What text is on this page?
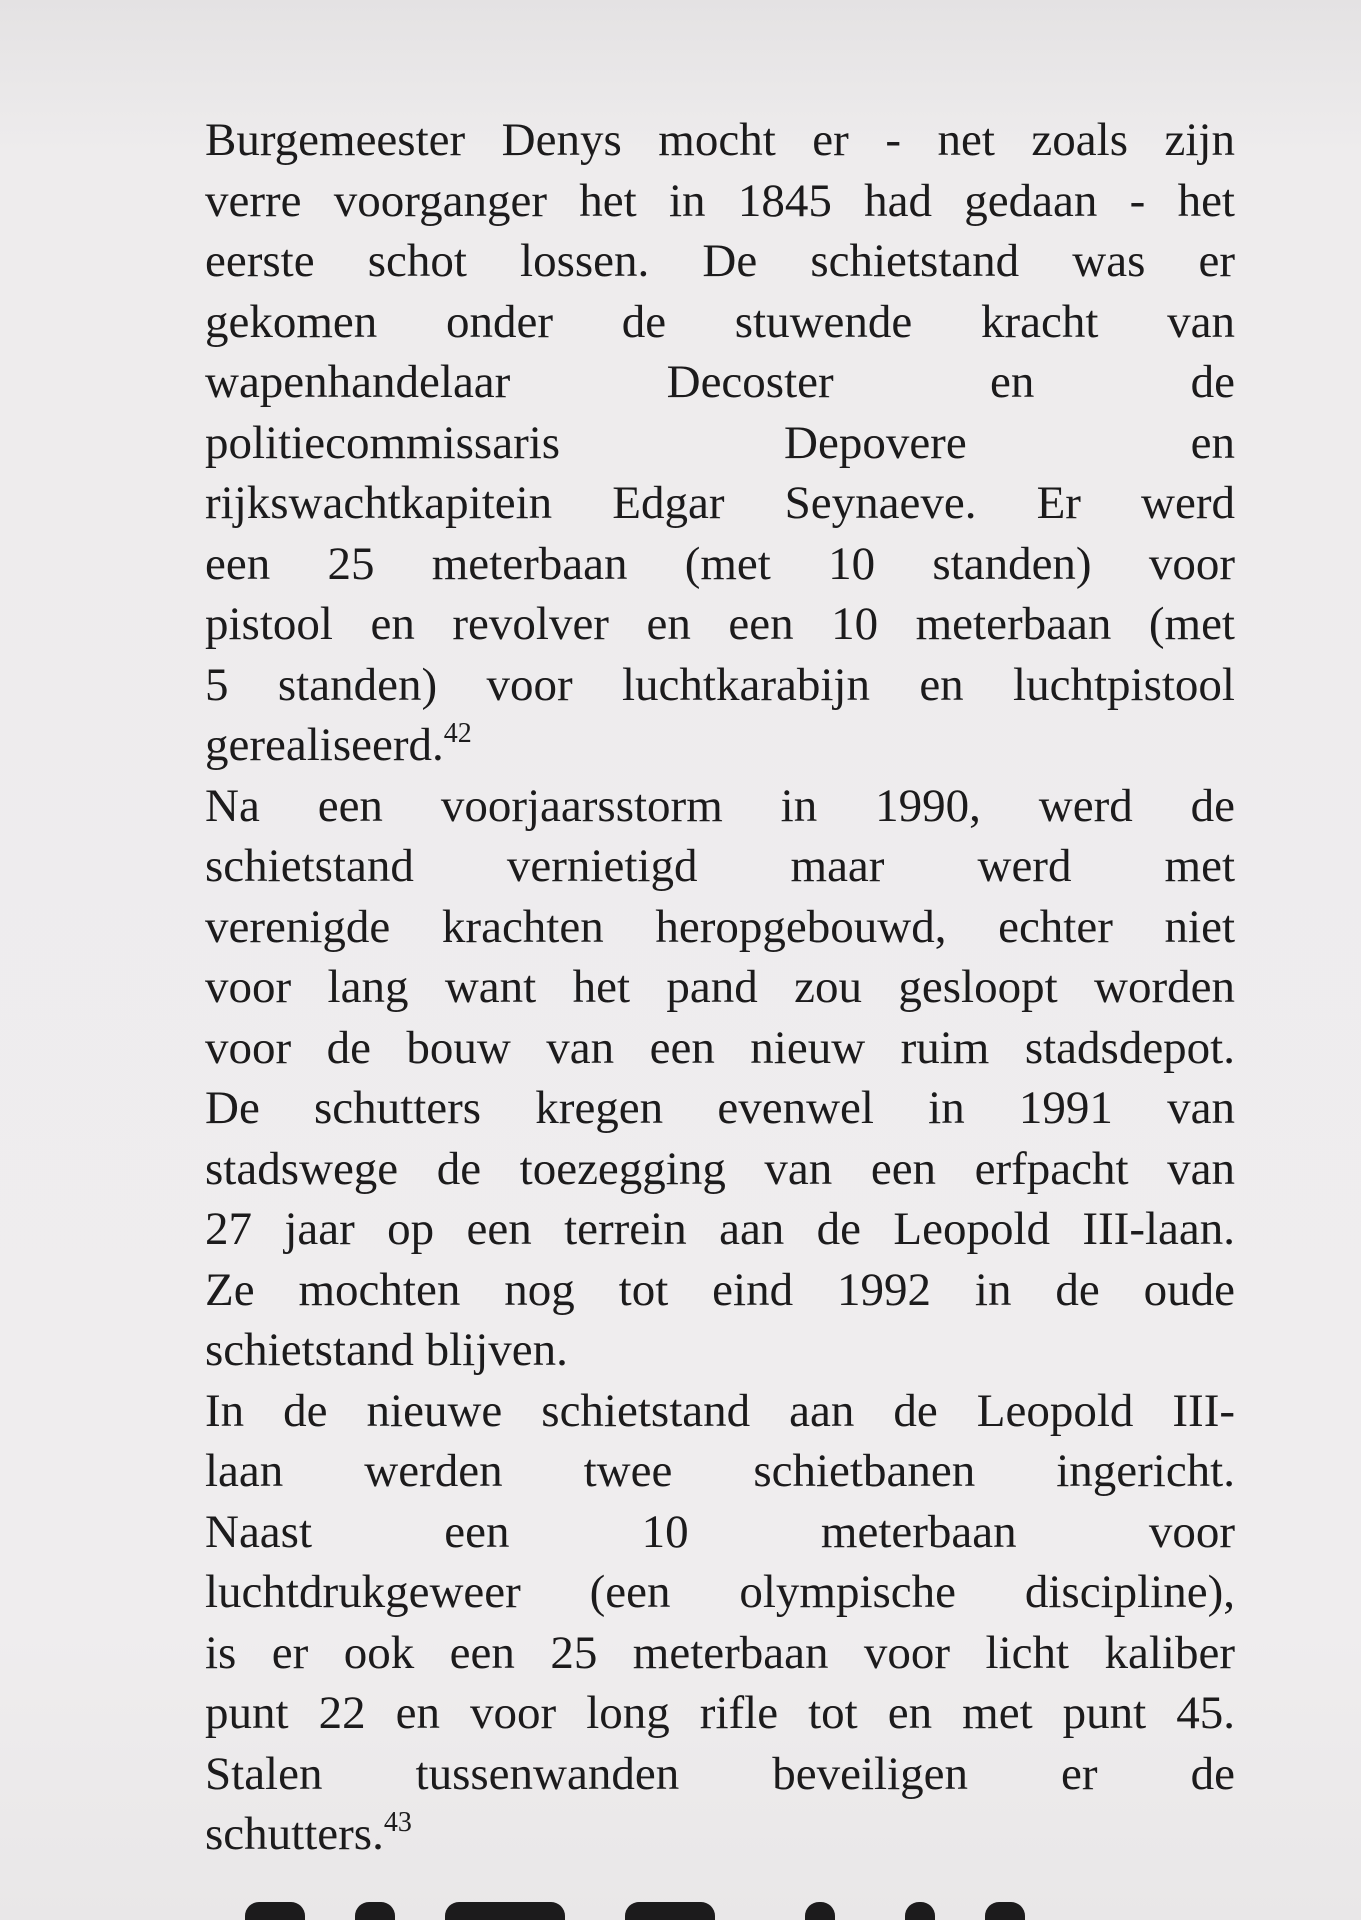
Burgemeester Denys mocht er - net zoals zijn
verre voorganger het in 1845 had gedaan - het
eerste schot lossen. De schietstand was er
gekomen onder de stuwende kracht van
wapenhandelaar Decoster en de
politiecommissaris Depovere en
rijkswachtkapitein Edgar Seynaeve. Er werd
een 25 meterbaan (met 10 standen) voor
pistool en revolver en een 10 meterbaan (met
5 standen) voor luchtkarabijn en luchtpistool
gerealiseerd.$^{42}$
Na een voorjaarsstorm in 1990, werd de
schietstand vernietigd maar werd met
verenigde krachten heropgebouwd, echter niet
voor lang want het pand zou gesloopt worden
voor de bouw van een nieuw ruim stadsdepot.
De schutters kregen evenwel in 1991 van
stadswege de toezegging van een erfpacht van
27 jaar op een terrein aan de Leopold III-laan.
Ze mochten nog tot eind 1992 in de oude
schietstand blijven.
In de nieuwe schietstand aan de Leopold III-
laan werden twee schietbanen ingericht.
Naast een 10 meterbaan voor
luchtdrukgeweer (een olympische discipline),
is er ook een 25 meterbaan voor licht kaliber
punt 22 en voor long rifle tot en met punt 45.
Stalen tussenwanden beveiligen er de
schutters.$^{43}$
